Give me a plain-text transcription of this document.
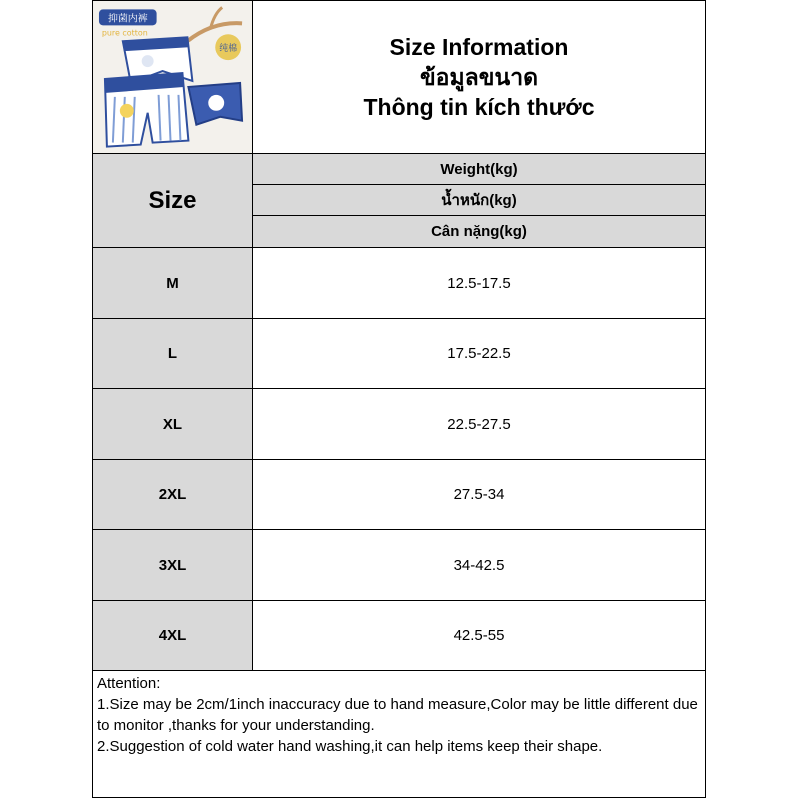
抑菌内裤
pure cotton
纯棉	Size Information
ข้อมูลขนาด
Thông tin kích thước
Size
Weight(kg)
น้ำหนัก(kg)
Cân nặng(kg)
M	12.5-17.5
L	17.5-22.5
XL	22.5-27.5
2XL	27.5-34
3XL	34-42.5
4XL	42.5-55

Attention:

1.Size may be 2cm/1inch inaccuracy due to hand measure,Color may be little different due to monitor ,thanks for your understanding.

2.Suggestion of cold water hand washing,it can help items keep their shape.
